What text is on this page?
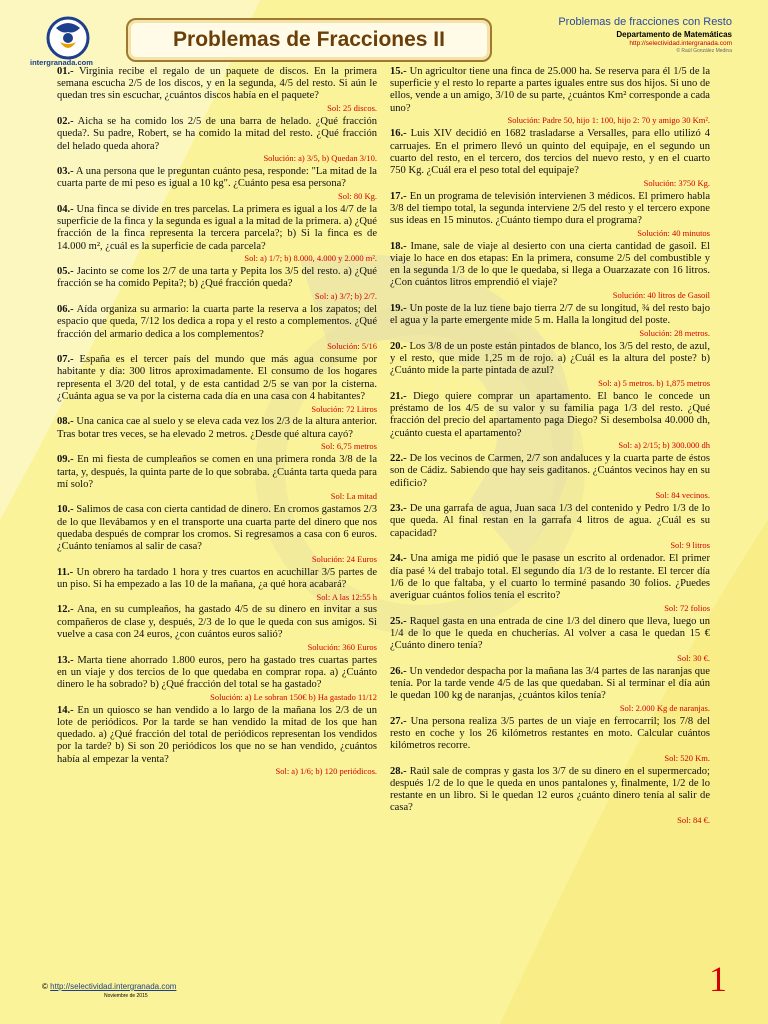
intergranada.com
Problemas de Fracciones II
Problemas de fracciones con Resto
Departamento de Matemáticas
http://selectividad.intergranada.com
© Raúl González Medina
01.- Virginia recibe el regalo de un paquete de discos. En la primera semana escucha 2/5 de los discos, y en la segunda, 4/5 del resto. Si aún le quedan tres sin escuchar, ¿cuántos discos había en el paquete?
Sol: 25 discos.
02.- Aicha se ha comido los 2/5 de una barra de helado. ¿Qué fracción queda?. Su padre, Robert, se ha comido la mitad del resto. ¿Qué fracción del helado queda ahora?
Solución: a) 3/5, b) Quedan 3/10.
03.- A una persona que le preguntan cuánto pesa, responde: "La mitad de la cuarta parte de mi peso es igual a 10 kg". ¿Cuánto pesa esa persona?
Sol: 80 Kg.
04.- Una finca se divide en tres parcelas. La primera es igual a los 4/7 de la superficie de la finca y la segunda es igual a la mitad de la primera. a) ¿Qué fracción de la finca representa la tercera parcela?; b) Si la finca es de 14.000 m², ¿cuál es la superficie de cada parcela?
Sol: a) 1/7; b) 8.000, 4.000 y 2.000 m².
05.- Jacinto se come los 2/7 de una tarta y Pepita los 3/5 del resto. a) ¿Qué fracción se ha comido Pepita?; b) ¿Qué fracción queda?
Sol: a) 3/7; b) 2/7.
06.- Aída organiza su armario: la cuarta parte la reserva a los zapatos; del espacio que queda, 7/12 los dedica a ropa y el resto a complementos. ¿Qué fracción del armario dedica a los complementos?
Solución: 5/16
07.- España es el tercer país del mundo que más agua consume por habitante y día: 300 litros aproximadamente. El consumo de los hogares representa el 3/20 del total, y de esta cantidad 2/5 se van por la cisterna. ¿Cuánta agua se va por la cisterna cada día en una casa con 4 habitantes?
Solución: 72 Litros
08.- Una canica cae al suelo y se eleva cada vez los 2/3 de la altura anterior. Tras botar tres veces, se ha elevado 2 metros. ¿Desde qué altura cayó?
Sol: 6,75 metros
09.- En mi fiesta de cumpleaños se comen en una primera ronda 3/8 de la tarta, y, después, la quinta parte de lo que sobraba. ¿Cuánta tarta queda para mí solo?
Sol: La mitad
10.- Salimos de casa con cierta cantidad de dinero. En cromos gastamos 2/3 de lo que llevábamos y en el transporte una cuarta parte del dinero que nos quedaba después de comprar los cromos. Si regresamos a casa con 6 euros. ¿Cuánto teníamos al salir de casa?
Solución: 24 Euros
11.- Un obrero ha tardado 1 hora y tres cuartos en acuchillar 3/5 partes de un piso. Si ha empezado a las 10 de la mañana, ¿a qué hora acabará?
Sol: A las 12:55 h
12.- Ana, en su cumpleaños, ha gastado 4/5 de su dinero en invitar a sus compañeros de clase y, después, 2/3 de lo que le queda con sus amigos. Si vuelve a casa con 24 euros, ¿con cuántos euros salió?
Solución: 360 Euros
13.- Marta tiene ahorrado 1.800 euros, pero ha gastado tres cuartas partes en un viaje y dos tercios de lo que quedaba en comprar ropa. a) ¿Cuánto dinero le ha sobrado? b) ¿Qué fracción del total se ha gastado?
Solución: a) Le sobran 150€ b) Ha gastado 11/12
14.- En un quiosco se han vendido a lo largo de la mañana los 2/3 de un lote de periódicos. Por la tarde se han vendido la mitad de los que han quedado. a) ¿Qué fracción del total de periódicos representan los vendidos por la tarde? b) Si son 20 periódicos los que no se han vendido, ¿cuántos había al empezar la venta?
Sol: a) 1/6; b) 120 periódicos.
15.- Un agricultor tiene una finca de 25.000 ha. Se reserva para él 1/5 de la superficie y el resto lo reparte a partes iguales entre sus dos hijos. Si uno de ellos, vende a un amigo, 3/10 de su parte, ¿cuántos Km² corresponde a cada uno?
Solución: Padre 50, hijo 1: 100, hijo 2: 70 y amigo 30 Km².
16.- Luis XIV decidió en 1682 trasladarse a Versalles, para ello utilizó 4 carruajes. En el primero llevó un quinto del equipaje, en el segundo un cuarto del resto, en el tercero, dos tercios del nuevo resto, y en el cuarto 750 Kg. ¿Cuál era el peso total del equipaje?
Solución: 3750 Kg.
17.- En un programa de televisión intervienen 3 médicos. El primero habla 3/8 del tiempo total, la segunda interviene 2/5 del resto y el tercero expone sus ideas en 15 minutos. ¿Cuánto tiempo dura el programa?
Solución: 40 minutos
18.- Imane, sale de viaje al desierto con una cierta cantidad de gasoil. El viaje lo hace en dos etapas: En la primera, consume 2/5 del combustible y en la segunda 1/3 de lo que le quedaba, si llega a Ouarzazate con 16 litros. ¿Con cuántos litros emprendió el viaje?
Solución: 40 litros de Gasoil
19.- Un poste de la luz tiene bajo tierra 2/7 de su longitud, ¾ del resto bajo el agua y la parte emergente mide 5 m. Halla la longitud del poste.
Solución: 28 metros.
20.- Los 3/8 de un poste están pintados de blanco, los 3/5 del resto, de azul, y el resto, que mide 1,25 m de rojo. a) ¿Cuál es la altura del poste? b) ¿Cuánto mide la parte pintada de azul?
Sol: a) 5 metros. b) 1,875 metros
21.- Diego quiere comprar un apartamento. El banco le concede un préstamo de los 4/5 de su valor y su familia paga 1/3 del resto. ¿Qué fracción del precio del apartamento paga Diego? Si desembolsa 40.000 dh, ¿cuánto cuesta el apartamento?
Sol: a) 2/15; b) 300.000 dh
22.- De los vecinos de Carmen, 2/7 son andaluces y la cuarta parte de éstos son de Cádiz. Sabiendo que hay seis gaditanos. ¿Cuántos vecinos hay en su edificio?
Sol: 84 vecinos.
23.- De una garrafa de agua, Juan saca 1/3 del contenido y Pedro 1/3 de lo que queda. Al final restan en la garrafa 4 litros de agua. ¿Cuál es su capacidad?
Sol: 9 litros
24.- Una amiga me pidió que le pasase un escrito al ordenador. El primer día pasé ¼ del trabajo total. El segundo día 1/3 de lo restante. El tercer día 1/6 de lo que faltaba, y el cuarto lo terminé pasando 30 folios. ¿Puedes averiguar cuántos folios tenía el escrito?
Sol: 72 folios
25.- Raquel gasta en una entrada de cine 1/3 del dinero que lleva, luego un 1/4 de lo que le queda en chucherías. Al volver a casa le quedan 15 € ¿Cuánto dinero tenía?
Sol: 30 €.
26.- Un vendedor despacha por la mañana las 3/4 partes de las naranjas que tenía. Por la tarde vende 4/5 de las que quedaban. Si al terminar el día aún le quedan 100 kg de naranjas, ¿cuántos kilos tenía?
Sol: 2.000 Kg de naranjas.
27.- Una persona realiza 3/5 partes de un viaje en ferrocarril; los 7/8 del resto en coche y los 26 kilómetros restantes en moto. Calcular cuántos kilómetros recorre.
Sol: 520 Km.
28.- Raúl sale de compras y gasta los 3/7 de su dinero en el supermercado; después 1/2 de lo que le queda en unos pantalones y, finalmente, 1/2 de lo restante en un libro. Si le quedan 12 euros ¿cuánto dinero tenía al salir de casa?
Sol: 84 €.
© http://selectividad.intergranada.com
Noviembre de 2015	1
